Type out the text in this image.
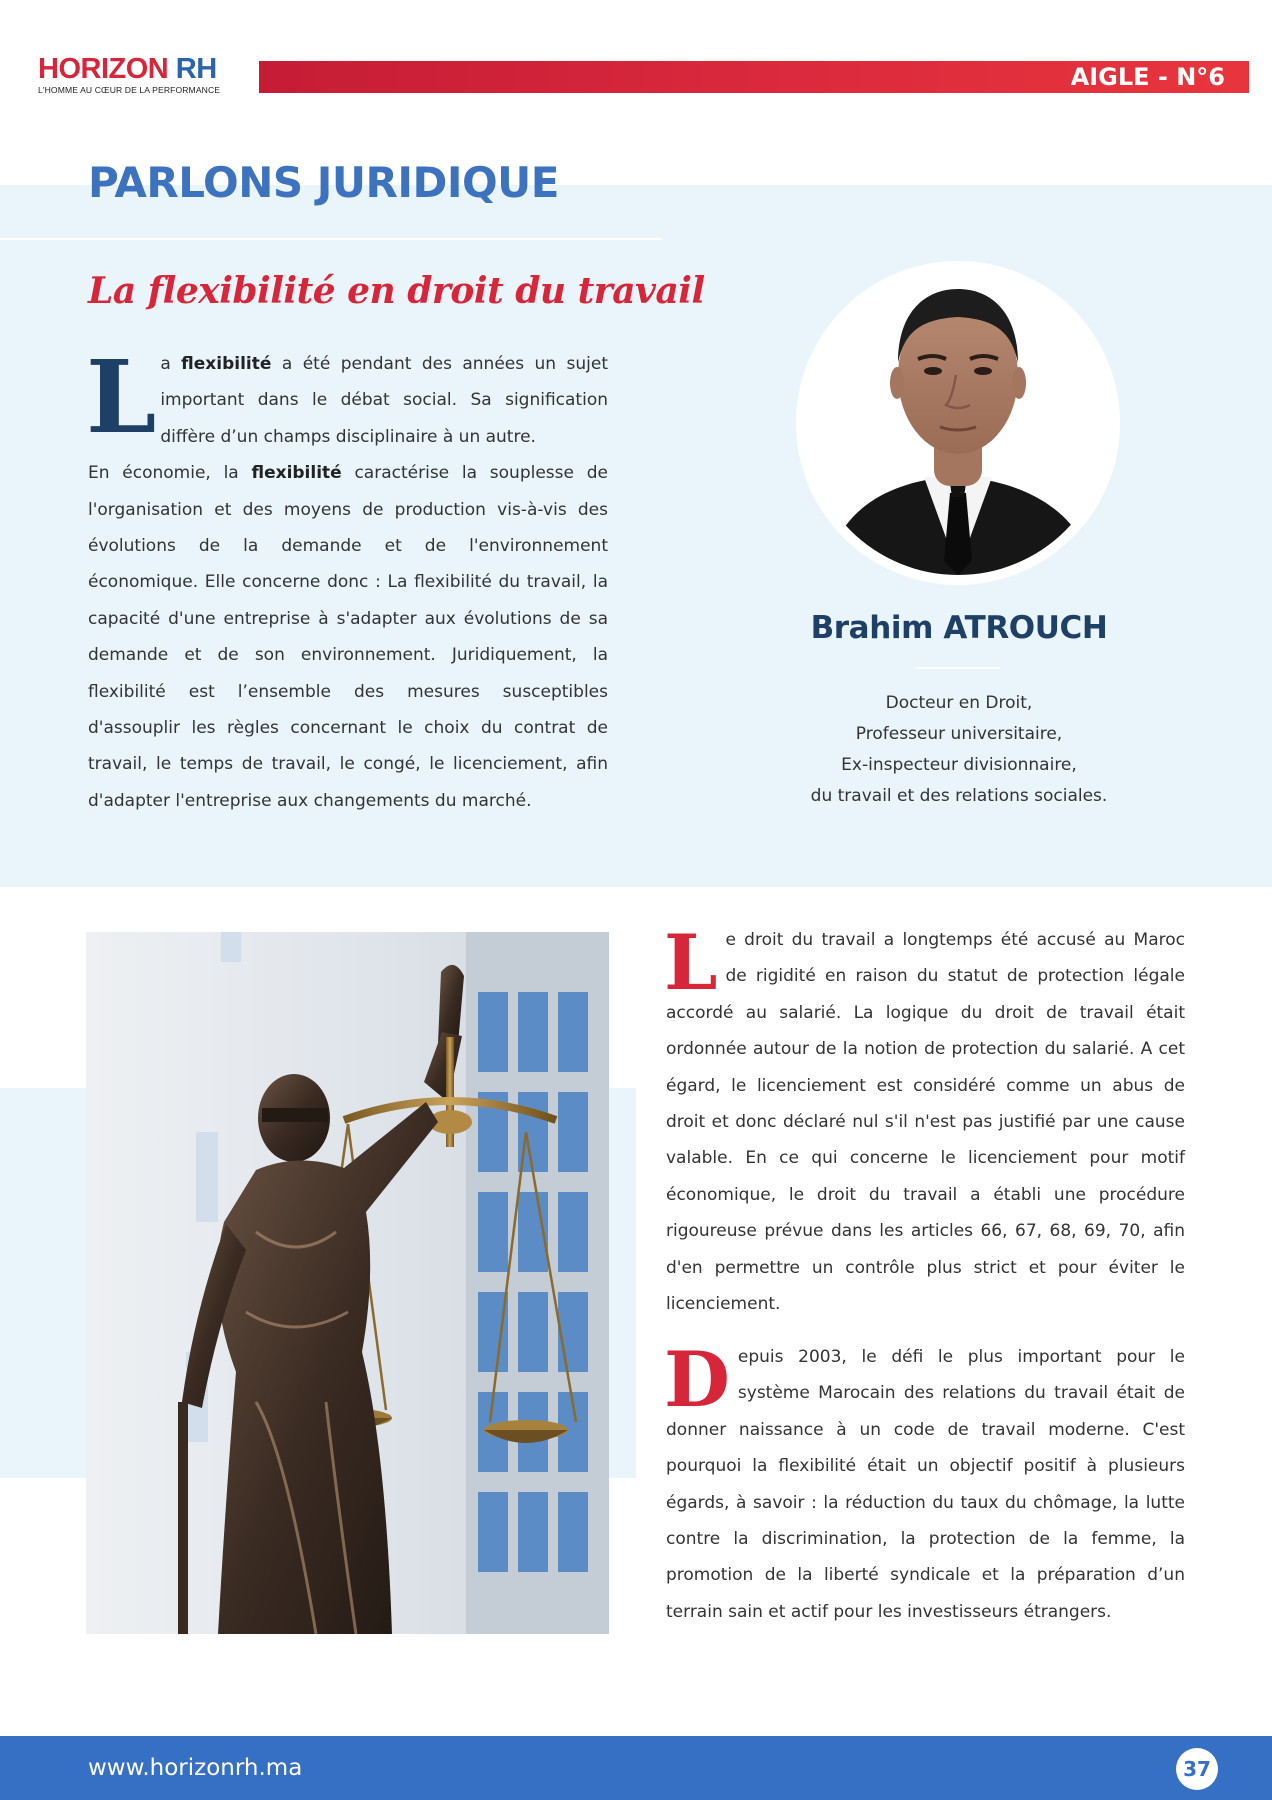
HORIZON RH
L'HOMME AU CŒUR DE LA PERFORMANCE	AIGLE - N°6
PARLONS JURIDIQUE
La flexibilité en droit du travail

La flexibilité a été pendant des années un sujet important dans le débat social. Sa signification diffère d’un champs disciplinaire à un autre.
En économie, la flexibilité caractérise la souplesse de l'organisation et des moyens de production vis-à-vis des évolutions de la demande et de l'environnement économique. Elle concerne donc : La flexibilité du travail, la capacité d'une entreprise à s'adapter aux évolutions de sa demande et de son environnement. Juridiquement, la flexibilité est l’ensemble des mesures susceptibles d'assouplir les règles concernant le choix du contrat de travail, le temps de travail, le congé, le licenciement, afin d'adapter l'entreprise aux changements du marché.

Brahim ATROUCH
Docteur en Droit,
Professeur universitaire,
Ex-inspecteur divisionnaire,
du travail et des relations sociales.

Le droit du travail a longtemps été accusé au Maroc de rigidité en raison du statut de protection légale accordé au salarié. La logique du droit de travail était ordonnée autour de la notion de protection du salarié. A cet égard, le licenciement est considéré comme un abus de droit et donc déclaré nul s'il n'est pas justifié par une cause valable. En ce qui concerne le licenciement pour motif économique, le droit du travail a établi une procédure rigoureuse prévue dans les articles 66, 67, 68, 69, 70, afin d'en permettre un contrôle plus strict et pour éviter le licenciement.

Depuis 2003, le défi le plus important pour le système Marocain des relations du travail était de donner naissance à un code de travail moderne. C'est pourquoi la flexibilité était un objectif positif à plusieurs égards, à savoir : la réduction du taux du chômage, la lutte contre la discrimination, la protection de la femme, la promotion de la liberté syndicale et la préparation d’un terrain sain et actif pour les investisseurs étrangers.

www.horizonrh.ma	37
